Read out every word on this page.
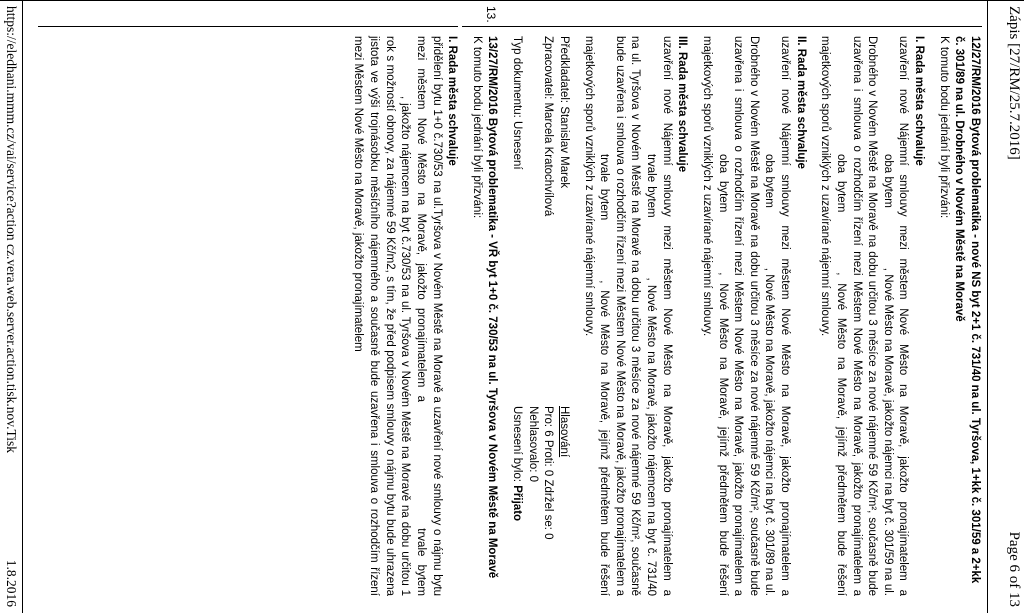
Zápis [27/RM/25.7.2016]
Page 6 of 13

12/27/RM/2016 Bytová problematika - nové NS byt 2+1 č. 731/40 na ul. Tyršova, 1+kk č. 301/59 a 2+kk č. 301/89 na ul. Drobného v Novém Městě na Moravě

K tomuto bodu jednání byli přizváni:

I. Rada města schvaluje

uzavření nové Nájemní smlouvy mezi městem Nové Město na Moravě, jakožto pronajímatelem a oba bytem, Nové Město na Moravě, jakožto nájemci na byt č. 301/59 na ul. Drobného v Novém Městě na Moravě na dobu určitou 3 měsíce za nové nájemné 59 Kč/m², současně bude uzavřena i smlouva o rozhodčím řízení mezi Městem Nové Město na Moravě, jakožto pronajímatelem a oba bytem, Nové Město na Moravě, jejímž předmětem bude řešení majetkových sporů vzniklých z uzavírané nájemní smlouvy.

II. Rada města schvaluje

uzavření nové Nájemní smlouvy mezi městem Nové Město na Moravě, jakožto pronajímatelem a oba bytem, Nové Město na Moravě, jakožto nájemci na byt č. 301/89 na ul. Drobného v Novém Městě na Moravě na dobu určitou 3 měsíce za nové nájemné 59 Kč/m², současně bude uzavřena i smlouva o rozhodčím řízení mezi Městem Nové Město na Moravě, jakožto pronajímatelem a oba bytem, Nové Město na Moravě, jejímž předmětem bude řešení majetkových sporů vzniklých z uzavírané nájemní smlouvy.

III. Rada města schvaluje

uzavření nové Nájemní smlouvy mezi městem Nové Město na Moravě, jakožto pronajímatelem a trvale bytem, Nové Město na Moravě, jakožto nájemcem na byt č. 731/40 na ul. Tyršova v Novém Městě na Moravě na dobu určitou 3 měsíce za nové nájemné 59 Kč/m², současně bude uzavřena i smlouva o rozhodčím řízení mezi Městem Nové Město na Moravě, jakožto pronajímatelem a trvale bytem, Nové Město na Moravě, jejímž předmětem bude řešení majetkových sporů vzniklých z uzavírané nájemní smlouvy.

Předkladatel: Stanislav Marek
Hlasování
Zpracovatel: Marcela Kratochvílová
Pro: 6 Proti: 0 Zdržel se: 0 Nehlasovalo: 0
Typ dokumentu: Usnesení
Usnesení bylo: Přijato
13.

13/27/RM/2016 Bytová problematika - VŘ byt 1+0 č. 730/53 na ul. Tyršova v Novém Městě na Moravě

K tomuto bodu jednání byli přizváni:

I. Rada města schvaluje

přidělení bytu 1+0 č.730/53 na ul.Tyršova v Novém Městě na Moravě a uzavření nové smlouvy o nájmu bytu mezi městem Nové Město na Moravě, jakožto pronajímatelem a trvale bytem, jakožto nájemcem na byt č.730/53 na ul. Tyršova v Novém Městě na Moravě na dobu určitou 1 rok s možností obnovy, za nájemné 59 Kč/m2, s tím, že před podpisem smlouvy o nájmu bytu bude uhrazena jistota ve výši trojnásobku měsíčního nájemného a současně bude uzavřena i smlouva o rozhodčím řízení mezi Městem Nové Město na Moravě, jakožto pronajímatelem

https://eledhani.mmm.cz/vai/service?action cz.vera.web.server.action.tisk.nov.Tisk
1.8.2016
